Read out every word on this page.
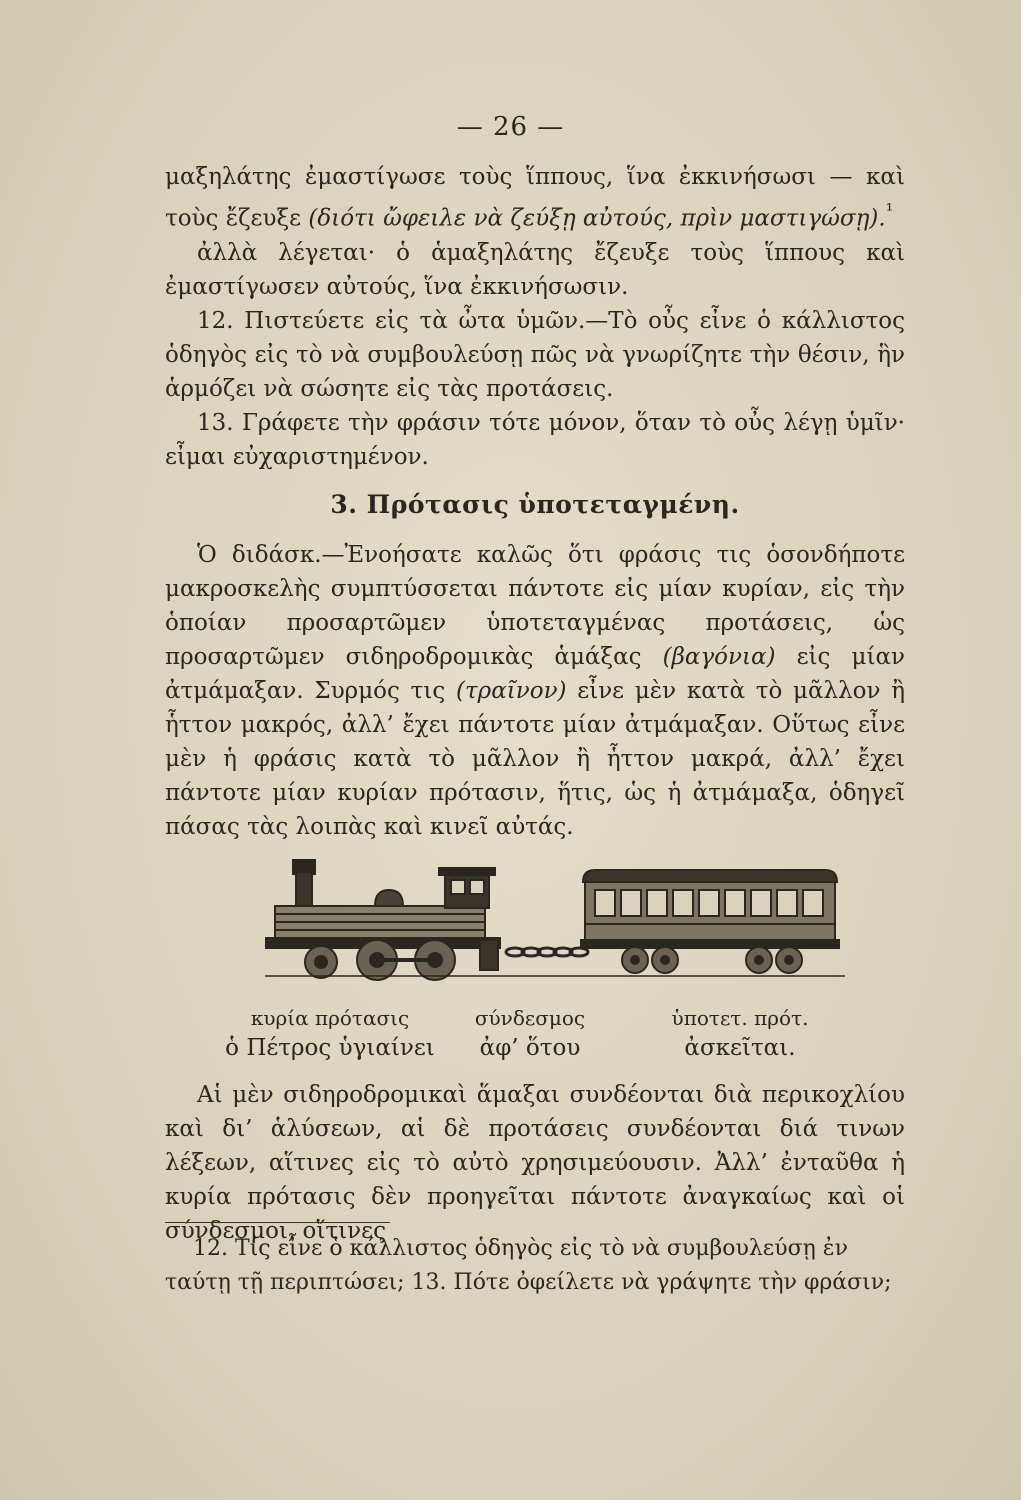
— 26 —

μαξηλάτης ἐμαστίγωσε τοὺς ἵππους, ἵνα ἐκκινήσωσι — καὶ τοὺς ἔζευξε (διότι ὤφειλε νὰ ζεύξῃ αὐτούς, πρὶν μαστιγώσῃ).$^{^1}$

ἀλλὰ λέγεται· ὁ ἁμαξηλάτης ἔζευξε τοὺς ἵππους καὶ ἐμαστίγωσεν αὐτούς, ἵνα ἐκκινήσωσιν.

12. Πιστεύετε εἰς τὰ ὦτα ὑμῶν.—Τὸ οὖς εἶνε ὁ κάλλιστος ὁδηγὸς εἰς τὸ νὰ συμβουλεύσῃ πῶς νὰ γνωρίζητε τὴν θέσιν, ἣν ἁρμόζει νὰ σώσητε εἰς τὰς προτάσεις.

13. Γράφετε τὴν φράσιν τότε μόνον, ὅταν τὸ οὖς λέγῃ ὑμῖν· εἶμαι εὐχαριστημένον.

3. Πρότασις ὑποτεταγμένη.

Ὁ διδάσκ.—Ἐνοήσατε καλῶς ὅτι φράσις τις ὁσονδήποτε μακροσκελὴς συμπτύσσεται πάντοτε εἰς μίαν κυρίαν, εἰς τὴν ὁποίαν προσαρτῶμεν ὑποτεταγμένας προτάσεις, ὡς προσαρτῶμεν σιδηροδρομικὰς ἁμάξας (βαγόνια) εἰς μίαν ἀτμάμαξαν. Συρμός τις (τραῖνον) εἶνε μὲν κατὰ τὸ μᾶλλον ἢ ἧττον μακρός, ἀλλ’ ἔχει πάντοτε μίαν ἀτμάμαξαν. Οὕτως εἶνε μὲν ἡ φράσις κατὰ τὸ μᾶλλον ἢ ἧττον μακρά, ἀλλ’ ἔχει πάντοτε μίαν κυρίαν πρότασιν, ἥτις, ὡς ἡ ἀτμάμαξα, ὁδηγεῖ πάσας τὰς λοιπὰς καὶ κινεῖ αὐτάς.

κυρία πρότασις
ὁ Πέτρος ὑγιαίνει
σύνδεσμος
ἀφ’ ὅτου
ὑποτετ. πρότ.
ἀσκεῖται.

Αἱ μὲν σιδηροδρομικαὶ ἅμαξαι συνδέονται διὰ περικοχλίου καὶ δι’ ἁλύσεων, αἱ δὲ προτάσεις συνδέονται διά τινων λέξεων, αἵτινες εἰς τὸ αὐτὸ χρησιμεύουσιν. Ἀλλ’ ἐνταῦθα ἡ κυρία πρότασις δὲν προηγεῖται πάντοτε ἀναγκαίως καὶ οἱ σύνδεσμοι, οἵτινες

12. Τίς εἶνε ὁ κάλλιστος ὁδηγὸς εἰς τὸ νὰ συμβουλεύσῃ ἐν ταύτῃ τῇ περιπτώσει; 13. Πότε ὀφείλετε νὰ γράψητε τὴν φράσιν;
